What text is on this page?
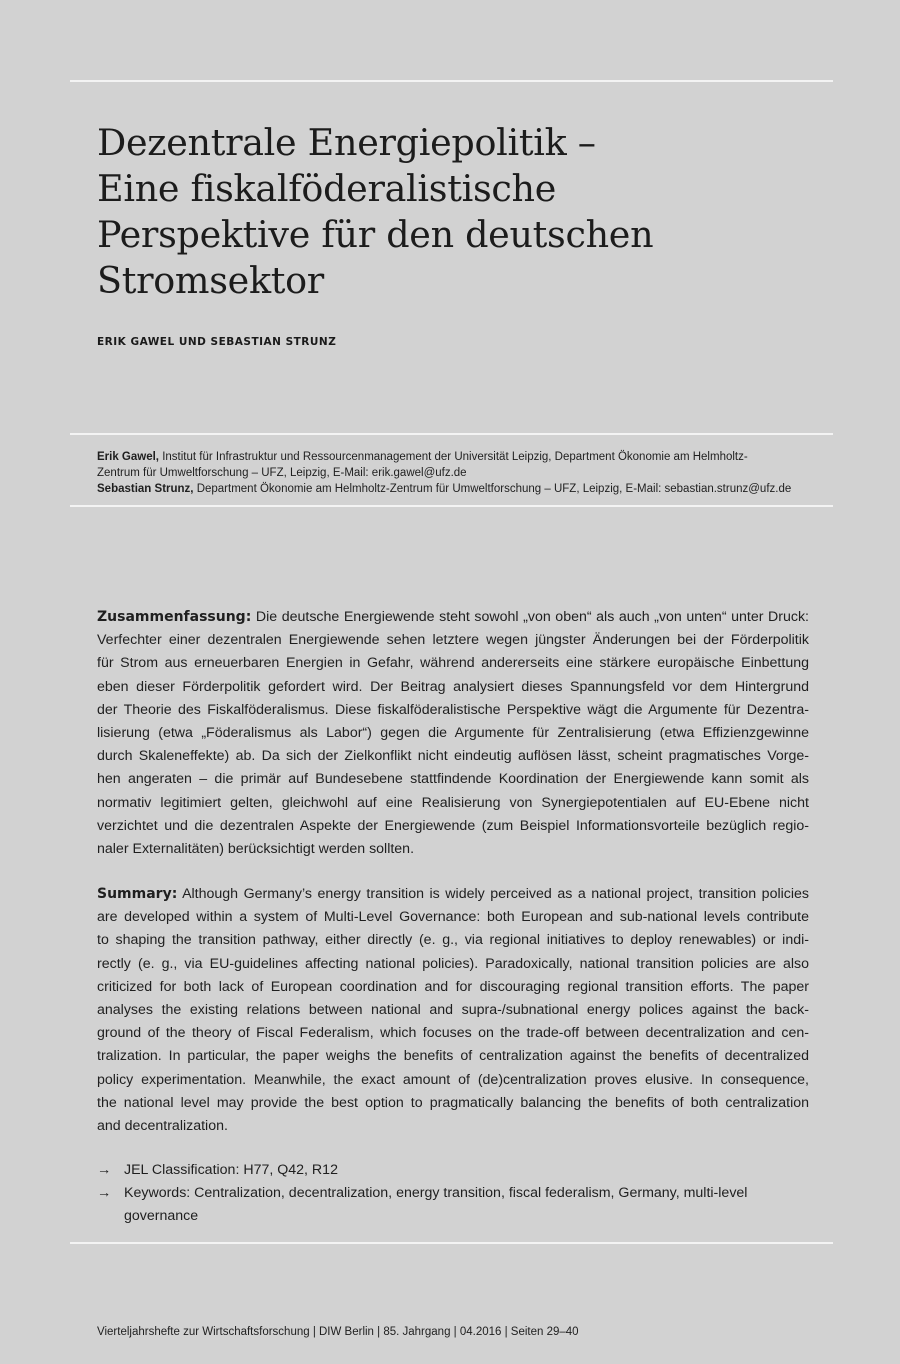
Dezentrale Energiepolitik –
Eine fiskalföderalistische
Perspektive für den deutschen
Stromsektor

ERIK GAWEL UND SEBASTIAN STRUNZ

Erik Gawel, Institut für Infrastruktur und Ressourcenmanagement der Universität Leipzig, Department Ökonomie am Helmholtz-
Zentrum für Umweltforschung – UFZ, Leipzig, E-Mail: erik.gawel@ufz.de

Sebastian Strunz, Department Ökonomie am Helmholtz-Zentrum für Umweltforschung – UFZ, Leipzig, E-Mail: sebastian.strunz@ufz.de

Zusammenfassung: Die deutsche Energiewende steht sowohl „von oben“ als auch „von unten“ unter Druck:
Verfechter einer dezentralen Energiewende sehen letztere wegen jüngster Änderungen bei der Förderpolitik
für Strom aus erneuerbaren Energien in Gefahr, während andererseits eine stärkere europäische Einbettung
eben dieser Förderpolitik gefordert wird. Der Beitrag analysiert dieses Spannungsfeld vor dem Hintergrund
der Theorie des Fiskalföderalismus. Diese fiskalföderalistische Perspektive wägt die Argumente für Dezentra-
lisierung (etwa „Föderalismus als Labor“) gegen die Argumente für Zentralisierung (etwa Effizienzgewinne
durch Skaleneffekte) ab. Da sich der Zielkonflikt nicht eindeutig auflösen lässt, scheint pragmatisches Vorge-
hen angeraten – die primär auf Bundesebene stattfindende Koordination der Energiewende kann somit als
normativ legitimiert gelten, gleichwohl auf eine Realisierung von Synergiepotentialen auf EU-Ebene nicht
verzichtet und die dezentralen Aspekte der Energiewende (zum Beispiel Informationsvorteile bezüglich regio-
naler Externalitäten) berücksichtigt werden sollten.
Summary: Although Germany’s energy transition is widely perceived as a national project, transition policies
are developed within a system of Multi-Level Governance: both European and sub-national levels contribute
to shaping the transition pathway, either directly (e. g., via regional initiatives to deploy renewables) or indi-
rectly (e. g., via EU-guidelines affecting national policies). Paradoxically, national transition policies are also
criticized for both lack of European coordination and for discouraging regional transition efforts. The paper
analyses the existing relations between national and supra-/subnational energy polices against the back-
ground of the theory of Fiscal Federalism, which focuses on the trade-off between decentralization and cen-
tralization. In particular, the paper weighs the benefits of centralization against the benefits of decentralized
policy experimentation. Meanwhile, the exact amount of (de)centralization proves elusive. In consequence,
the national level may provide the best option to pragmatically balancing the benefits of both centralization
and decentralization.
→ JEL Classification: H77, Q42, R12
→ Keywords: Centralization, decentralization, energy transition, fiscal federalism, Germany, multi-level governance
Vierteljahrshefte zur Wirtschaftsforschung | DIW Berlin | 85. Jahrgang | 04.2016 | Seiten 29–40
